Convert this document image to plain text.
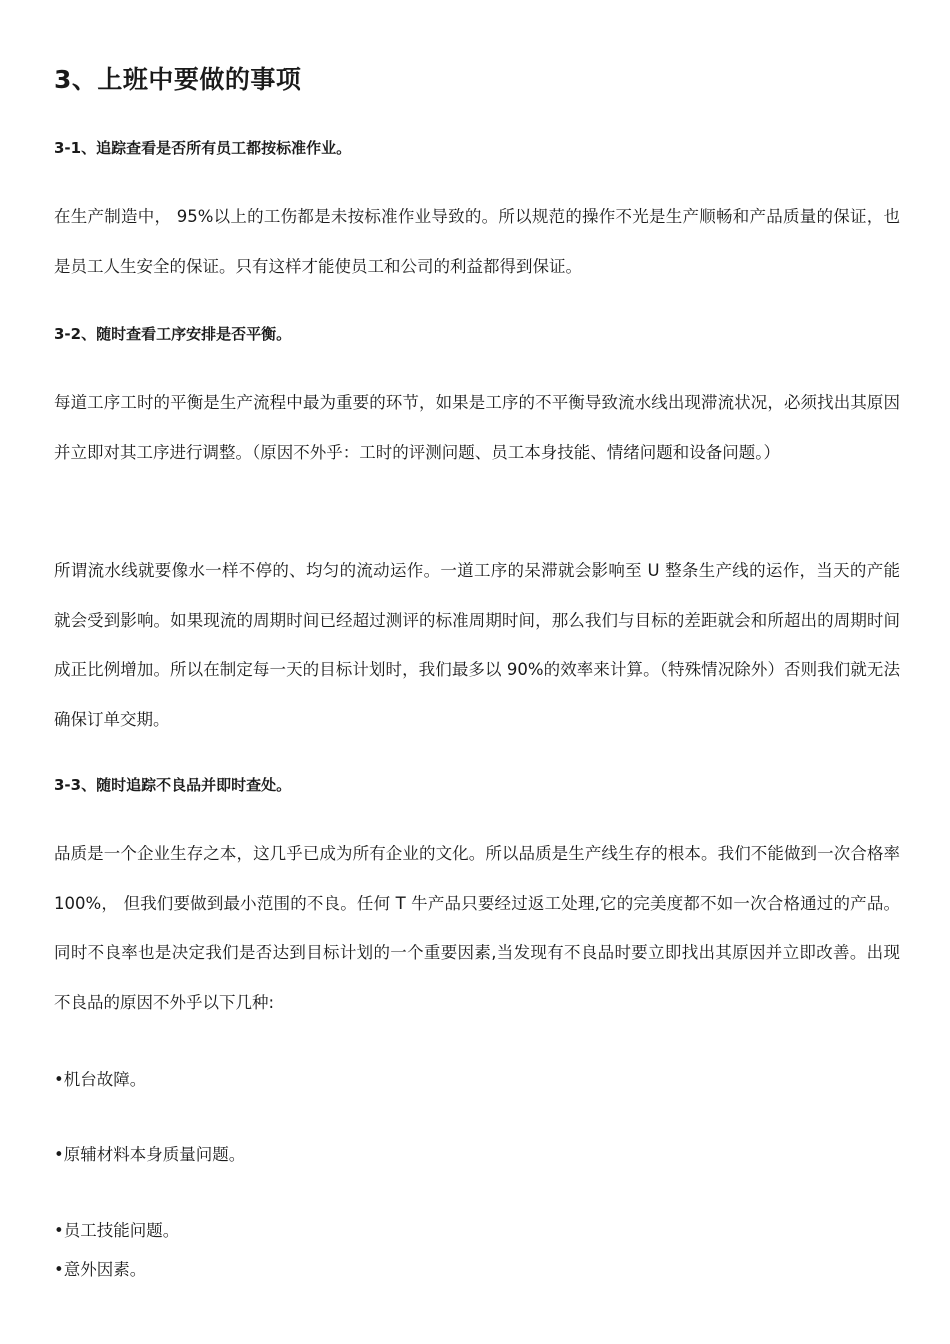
3、上班中要做的事项
3-1、追踪查看是否所有员工都按标准作业。

在生产制造中， 95%以上的工伤都是未按标准作业导致的。所以规范的操作不光是生产顺畅和产品质量的保证，也是员工人生安全的保证。只有这样才能使员工和公司的利益都得到保证。

3-2、随时查看工序安排是否平衡。

每道工序工时的平衡是生产流程中最为重要的环节，如果是工序的不平衡导致流水线出现滞流状况，必须找出其原因并立即对其工序进行调整。（原因不外乎：工时的评测问题、员工本身技能、情绪问题和设备问题。）

所谓流水线就要像水一样不停的、均匀的流动运作。一道工序的呆滞就会影响至 U 整条生产线的运作，当天的产能就会受到影响。如果现流的周期时间已经超过测评的标准周期时间，那么我们与目标的差距就会和所超出的周期时间成正比例增加。所以在制定每一天的目标计划时，我们最多以 90%的效率来计算。（特殊情况除外）否则我们就无法确保订单交期。

3-3、随时追踪不良品并即时查处。

品质是一个企业生存之本，这几乎已成为所有企业的文化。所以品质是生产线生存的根本。我们不能做到一次合格率 100%， 但我们要做到最小范围的不良。任何 T 牛产品只要经过返工处理,它的完美度都不如一次合格通过的产品。同时不良率也是决定我们是否达到目标计划的一个重要因素,当发现有不良品时要立即找出其原因并立即改善。出现不良品的原因不外乎以下几种:

•机台故障。

•原辅材料本身质量问题。

•员工技能问题。

•意外因素。
